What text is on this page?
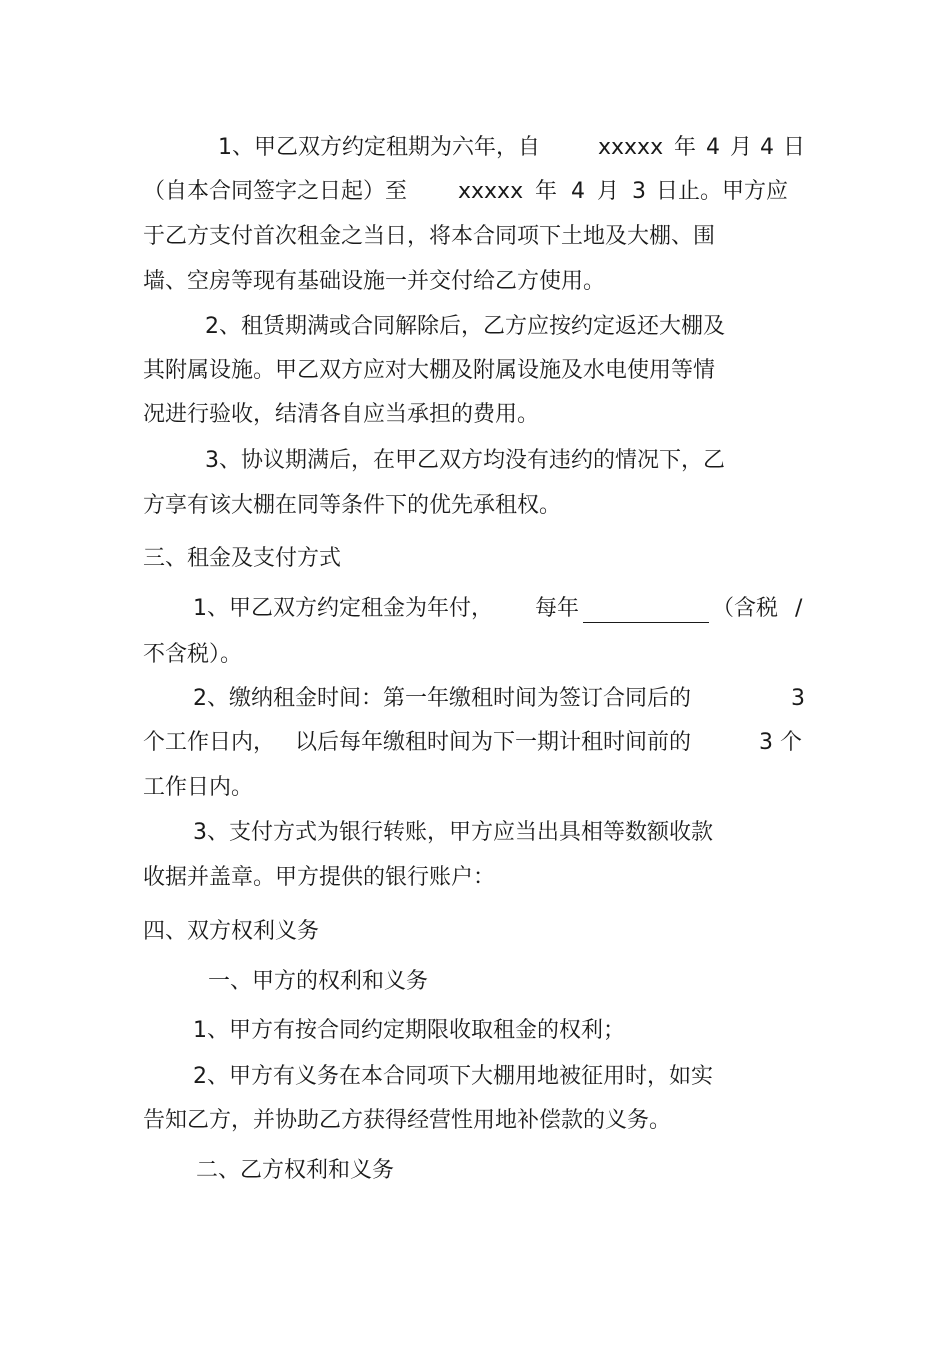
1、甲乙双方约定租期为六年，自	xxxxx 年 4 月 4 日
（自本合同签字之日起）至 xxxxx 年 4 月 3 日止。甲方应
于乙方支付首次租金之当日，将本合同项下土地及大棚、围
墙、空房等现有基础设施一并交付给乙方使用。
2、租赁期满或合同解除后，乙方应按约定返还大棚及
其附属设施。甲乙双方应对大棚及附属设施及水电使用等情
况进行验收，结清各自应当承担的费用。
3、协议期满后，在甲乙双方均没有违约的情况下，乙
方享有该大棚在同等条件下的优先承租权。
三、租金及支付方式
1、甲乙双方约定租金为年付， 每年	（含税 /
不含税）。
2、缴纳租金时间：第一年缴租时间为签订合同后的	3
个工作日内， 以后每年缴租时间为下一期计租时间前的	3 个
工作日内。
3、支付方式为银行转账，甲方应当出具相等数额收款
收据并盖章。甲方提供的银行账户：
四、双方权利义务
一、甲方的权利和义务
1、甲方有按合同约定期限收取租金的权利；
2、甲方有义务在本合同项下大棚用地被征用时，如实
告知乙方，并协助乙方获得经营性用地补偿款的义务。
二、乙方权利和义务
